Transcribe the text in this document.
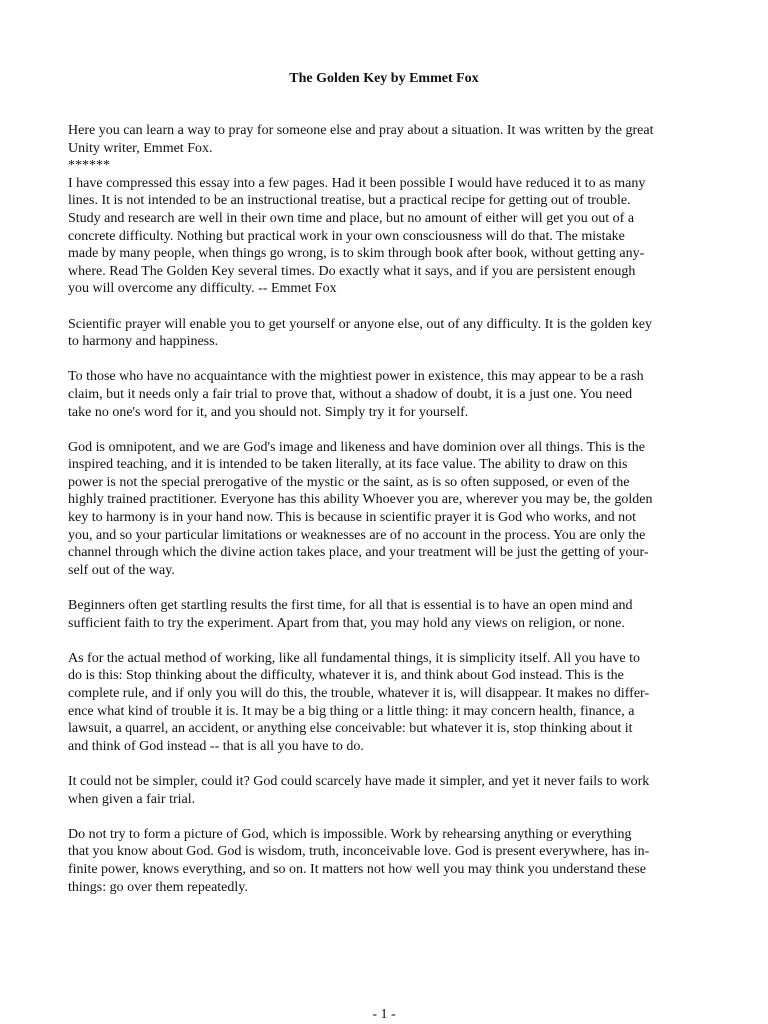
The Golden Key by Emmet Fox

Here you can learn a way to pray for someone else and pray about a situation. It was written by the great
Unity writer, Emmet Fox.
******
I have compressed this essay into a few pages. Had it been possible I would have reduced it to as many
lines. It is not intended to be an instructional treatise, but a practical recipe for getting out of trouble.
Study and research are well in their own time and place, but no amount of either will get you out of a
concrete difficulty. Nothing but practical work in your own consciousness will do that. The mistake
made by many people, when things go wrong, is to skim through book after book, without getting any-
where. Read The Golden Key several times. Do exactly what it says, and if you are persistent enough
you will overcome any difficulty. -- Emmet Fox

Scientific prayer will enable you to get yourself or anyone else, out of any difficulty. It is the golden key
to harmony and happiness.

To those who have no acquaintance with the mightiest power in existence, this may appear to be a rash
claim, but it needs only a fair trial to prove that, without a shadow of doubt, it is a just one. You need
take no one's word for it, and you should not. Simply try it for yourself.

God is omnipotent, and we are God's image and likeness and have dominion over all things. This is the
inspired teaching, and it is intended to be taken literally, at its face value. The ability to draw on this
power is not the special prerogative of the mystic or the saint, as is so often supposed, or even of the
highly trained practitioner. Everyone has this ability Whoever you are, wherever you may be, the golden
key to harmony is in your hand now. This is because in scientific prayer it is God who works, and not
you, and so your particular limitations or weaknesses are of no account in the process. You are only the
channel through which the divine action takes place, and your treatment will be just the getting of your-
self out of the way.

Beginners often get startling results the first time, for all that is essential is to have an open mind and
sufficient faith to try the experiment. Apart from that, you may hold any views on religion, or none.

As for the actual method of working, like all fundamental things, it is simplicity itself. All you have to
do is this: Stop thinking about the difficulty, whatever it is, and think about God instead. This is the
complete rule, and if only you will do this, the trouble, whatever it is, will disappear. It makes no differ-
ence what kind of trouble it is. It may be a big thing or a little thing: it may concern health, finance, a
lawsuit, a quarrel, an accident, or anything else conceivable: but whatever it is, stop thinking about it
and think of God instead -- that is all you have to do.

It could not be simpler, could it? God could scarcely have made it simpler, and yet it never fails to work
when given a fair trial.

Do not try to form a picture of God, which is impossible. Work by rehearsing anything or everything
that you know about God. God is wisdom, truth, inconceivable love. God is present everywhere, has in-
finite power, knows everything, and so on. It matters not how well you may think you understand these
things: go over them repeatedly.

- 1 -
